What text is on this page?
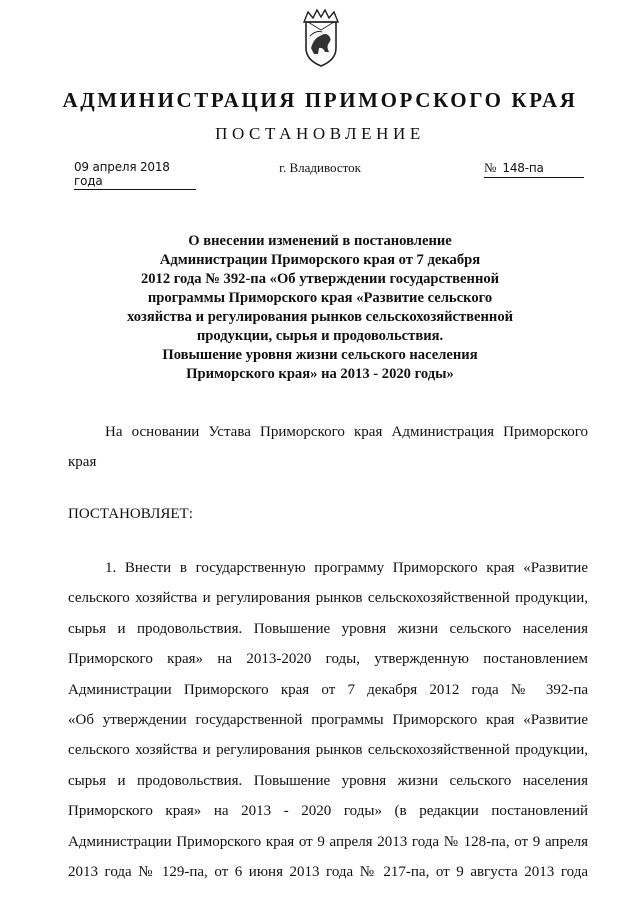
АДМИНИСТРАЦИЯ ПРИМОРСКОГО КРАЯ
ПОСТАНОВЛЕНИЕ
09 апреля 2018 года
г. Владивосток	№ 148-па
О внесении изменений в постановление
Администрации Приморского края от 7 декабря
2012 года № 392-па «Об утверждении государственной
программы Приморского края «Развитие сельского
хозяйства и регулирования рынков сельскохозяйственной
продукции, сырья и продовольствия.
Повышение уровня жизни сельского населения
Приморского края» на 2013 - 2020 годы»
На основании Устава Приморского края Администрация Приморского
края
ПОСТАНОВЛЯЕТ:
1. Внести в государственную программу Приморского края «Развитие
сельского хозяйства и регулирования рынков сельскохозяйственной продукции,
сырья и продовольствия. Повышение уровня жизни сельского населения
Приморского края» на 2013-2020 годы, утвержденную постановлением
Администрации Приморского края от 7 декабря 2012 года № 392-па
«Об утверждении государственной программы Приморского края «Развитие
сельского хозяйства и регулирования рынков сельскохозяйственной продукции,
сырья и продовольствия. Повышение уровня жизни сельского населения
Приморского края» на 2013 - 2020 годы» (в редакции постановлений
Администрации Приморского края от 9 апреля 2013 года № 128-па, от 9 апреля
2013 года № 129-па, от 6 июня 2013 года № 217-па, от 9 августа 2013 года
